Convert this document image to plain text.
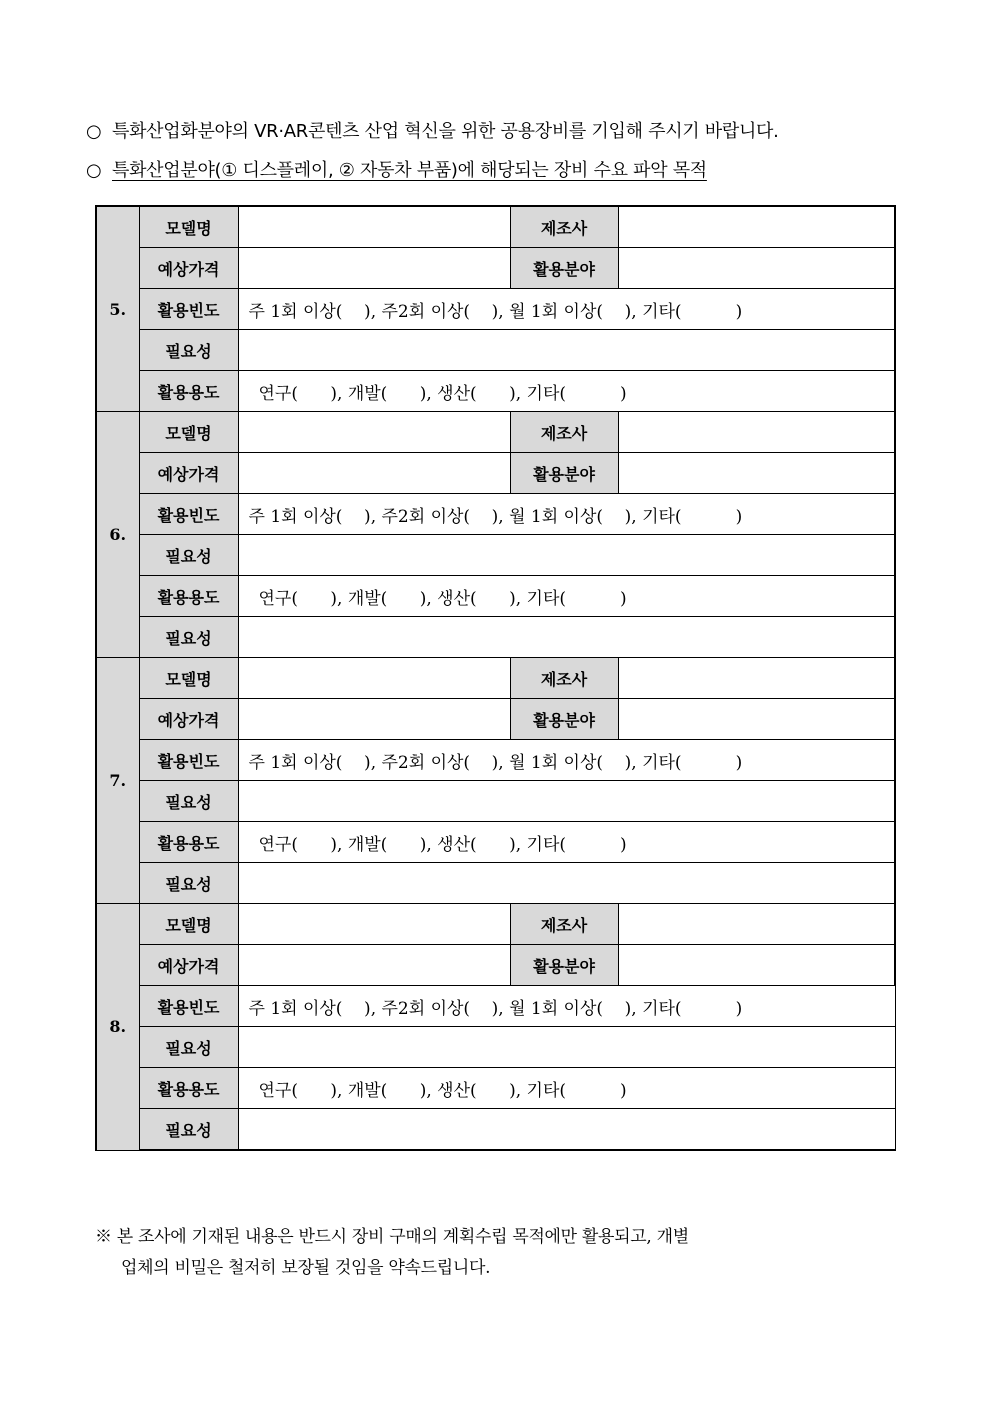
○ 특화산업화분야의 VR·AR콘텐츠 산업 혁신을 위한 공용장비를 기입해 주시기 바랍니다.
○ 특화산업분야(① 디스플레이, ② 자동차 부품)에 해당되는 장비 수요 파악 목적
5.	모델명		제조사	
	예상가격		활용분야	
	활용빈도	주 1회 이상(    ), 주2회 이상(    ), 월 1회 이상(    ), 기타(          )		
	필요성			
	활용용도	연구(      ), 개발(      ), 생산(      ), 기타(          )		
6.	모델명		제조사	
	예상가격		활용분야	
	활용빈도	주 1회 이상(    ), 주2회 이상(    ), 월 1회 이상(    ), 기타(          )		
	필요성			
	활용용도	연구(      ), 개발(      ), 생산(      ), 기타(          )		
	필요성			
7.	모델명		제조사	
	예상가격		활용분야	
	활용빈도	주 1회 이상(    ), 주2회 이상(    ), 월 1회 이상(    ), 기타(          )		
	필요성			
	활용용도	연구(      ), 개발(      ), 생산(      ), 기타(          )		
	필요성			
8.	모델명		제조사	
	예상가격		활용분야	
	활용빈도	주 1회 이상(    ), 주2회 이상(    ), 월 1회 이상(    ), 기타(          )		
	필요성			
	활용용도	연구(      ), 개발(      ), 생산(      ), 기타(          )		
	필요성			
※ 본 조사에 기재된 내용은 반드시 장비 구매의 계획수립 목적에만 활용되고, 개별
업체의 비밀은 철저히 보장될 것임을 약속드립니다.
